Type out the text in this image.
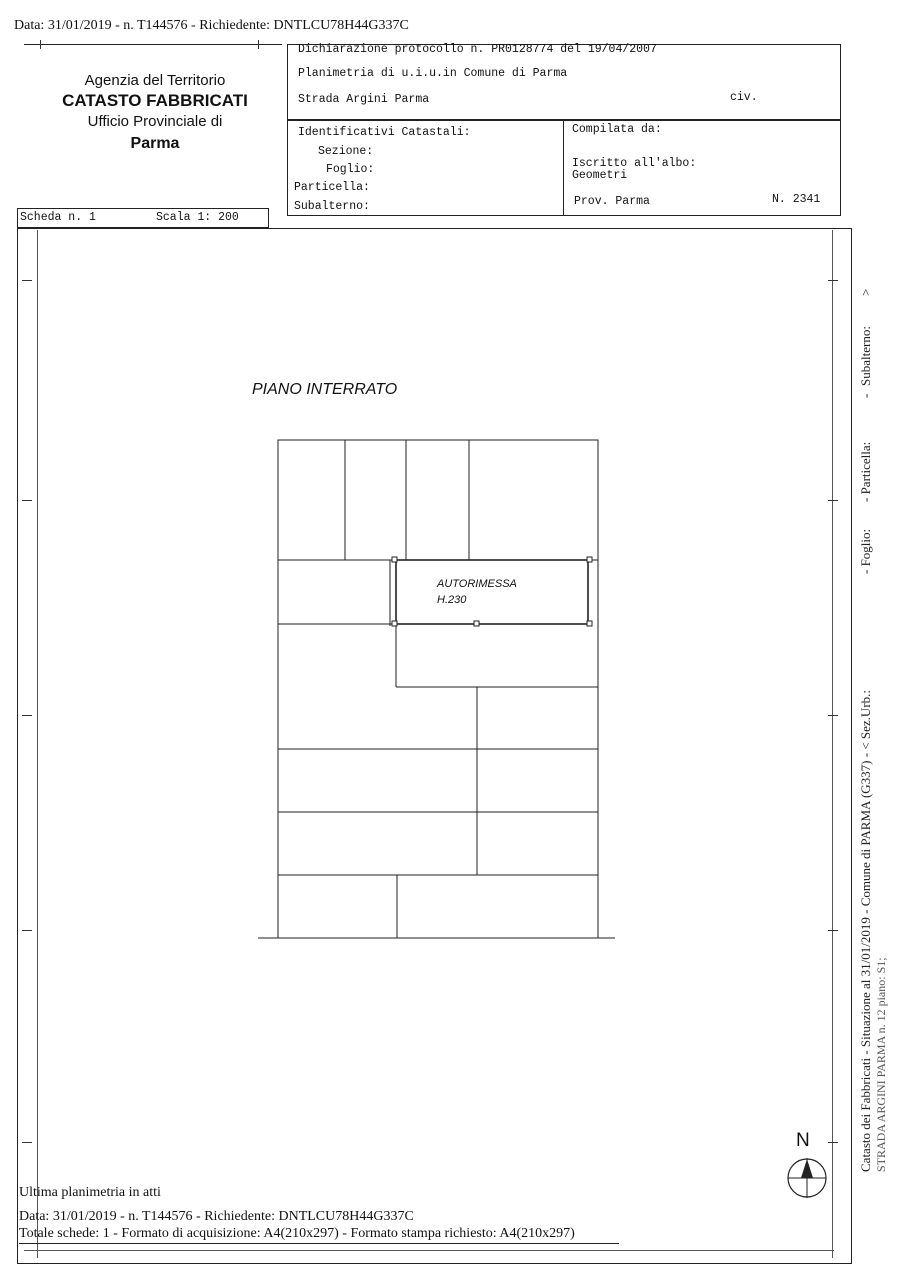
Data: 31/01/2019 - n. T144576 - Richiedente: DNTLCU78H44G337C
Agenzia del Territorio
CATASTO FABBRICATI
Ufficio Provinciale di
Parma
Dichiarazione protocollo n. PR0128774 del 19/04/2007
Planimetria di u.i.u.in Comune di Parma
Strada Argini Parma	civ.
Identificativi Catastali:
Sezione:
Foglio:
Particella:
Subalterno:
Compilata da:
Iscritto all'albo:
Geometri
Prov. Parma	N. 2341
Scheda n. 1	Scala 1: 200
PIANO INTERRATO
AUTORIMESSA
H.230
N	Catasto dei Fabbricati - Situazione al 31/01/2019 - Comune di PARMA (G337) - < Sez.Urb.: STRADA ARGINI PARMA n. 12 piano: S1;
- Foglio:
- Particella:
Subalterno:
>
-
Ultima planimetria in atti
Data: 31/01/2019 - n. T144576 - Richiedente: DNTLCU78H44G337C
Totale schede: 1 - Formato di acquisizione: A4(210x297) - Formato stampa richiesto: A4(210x297)
